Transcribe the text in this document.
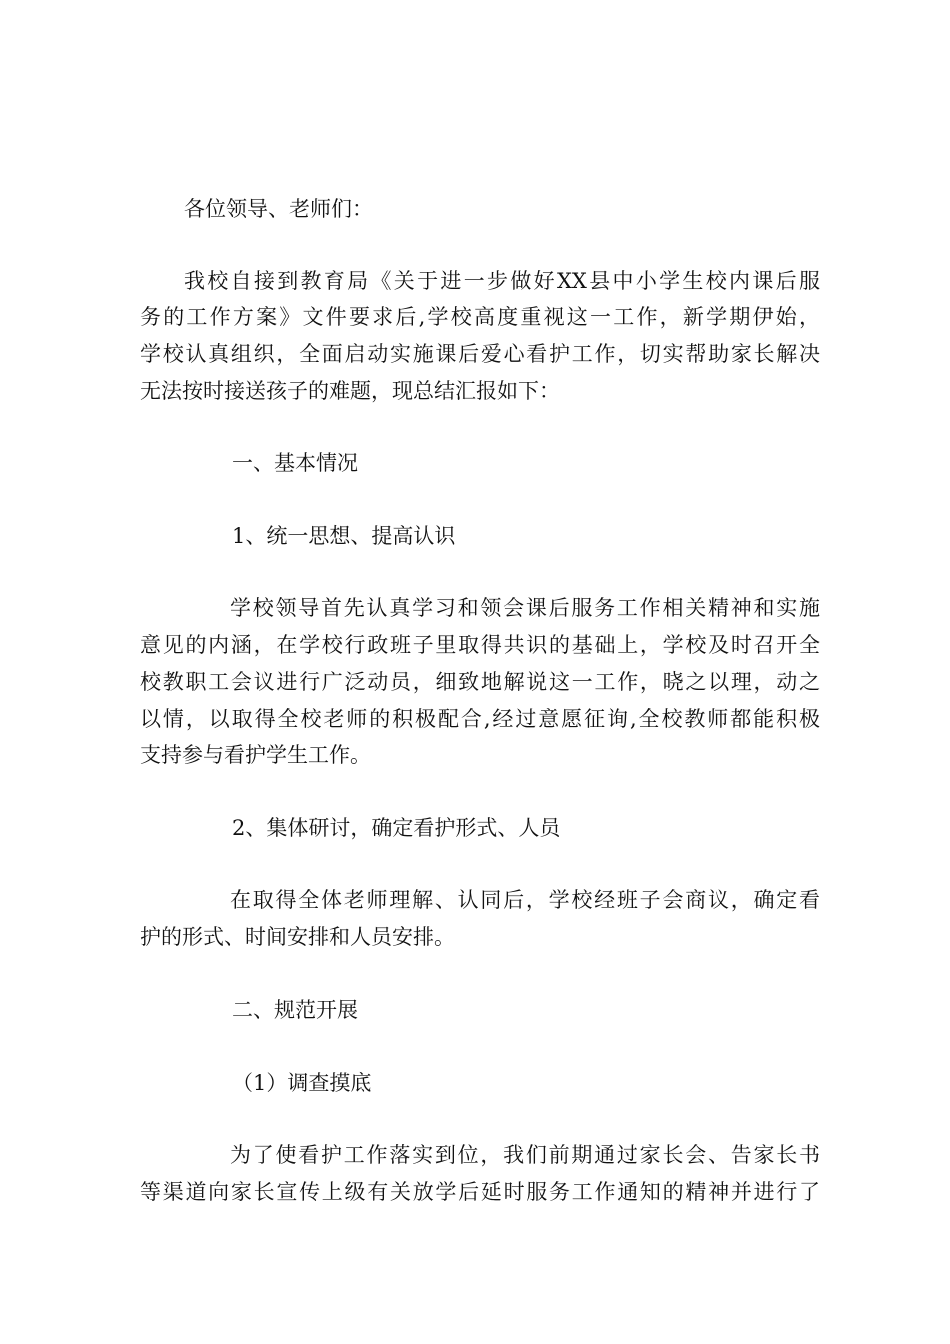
各位领导、老师们：
我校自接到教育局《关于进一步做好XX县中小学生校内课后服
务的工作方案》文件要求后,学校高度重视这一工作，新学期伊始，
学校认真组织，全面启动实施课后爱心看护工作，切实帮助家长解决
无法按时接送孩子的难题，现总结汇报如下：
一、基本情况
1、统一思想、提高认识
学校领导首先认真学习和领会课后服务工作相关精神和实施
意见的内涵，在学校行政班子里取得共识的基础上，学校及时召开全
校教职工会议进行广泛动员，细致地解说这一工作，晓之以理，动之
以情，以取得全校老师的积极配合,经过意愿征询,全校教师都能积极
支持参与看护学生工作。
2、集体研讨，确定看护形式、人员
在取得全体老师理解、认同后，学校经班子会商议，确定看
护的形式、时间安排和人员安排。
二、规范开展
（1）调查摸底
为了使看护工作落实到位，我们前期通过家长会、告家长书
等渠道向家长宣传上级有关放学后延时服务工作通知的精神并进行了
